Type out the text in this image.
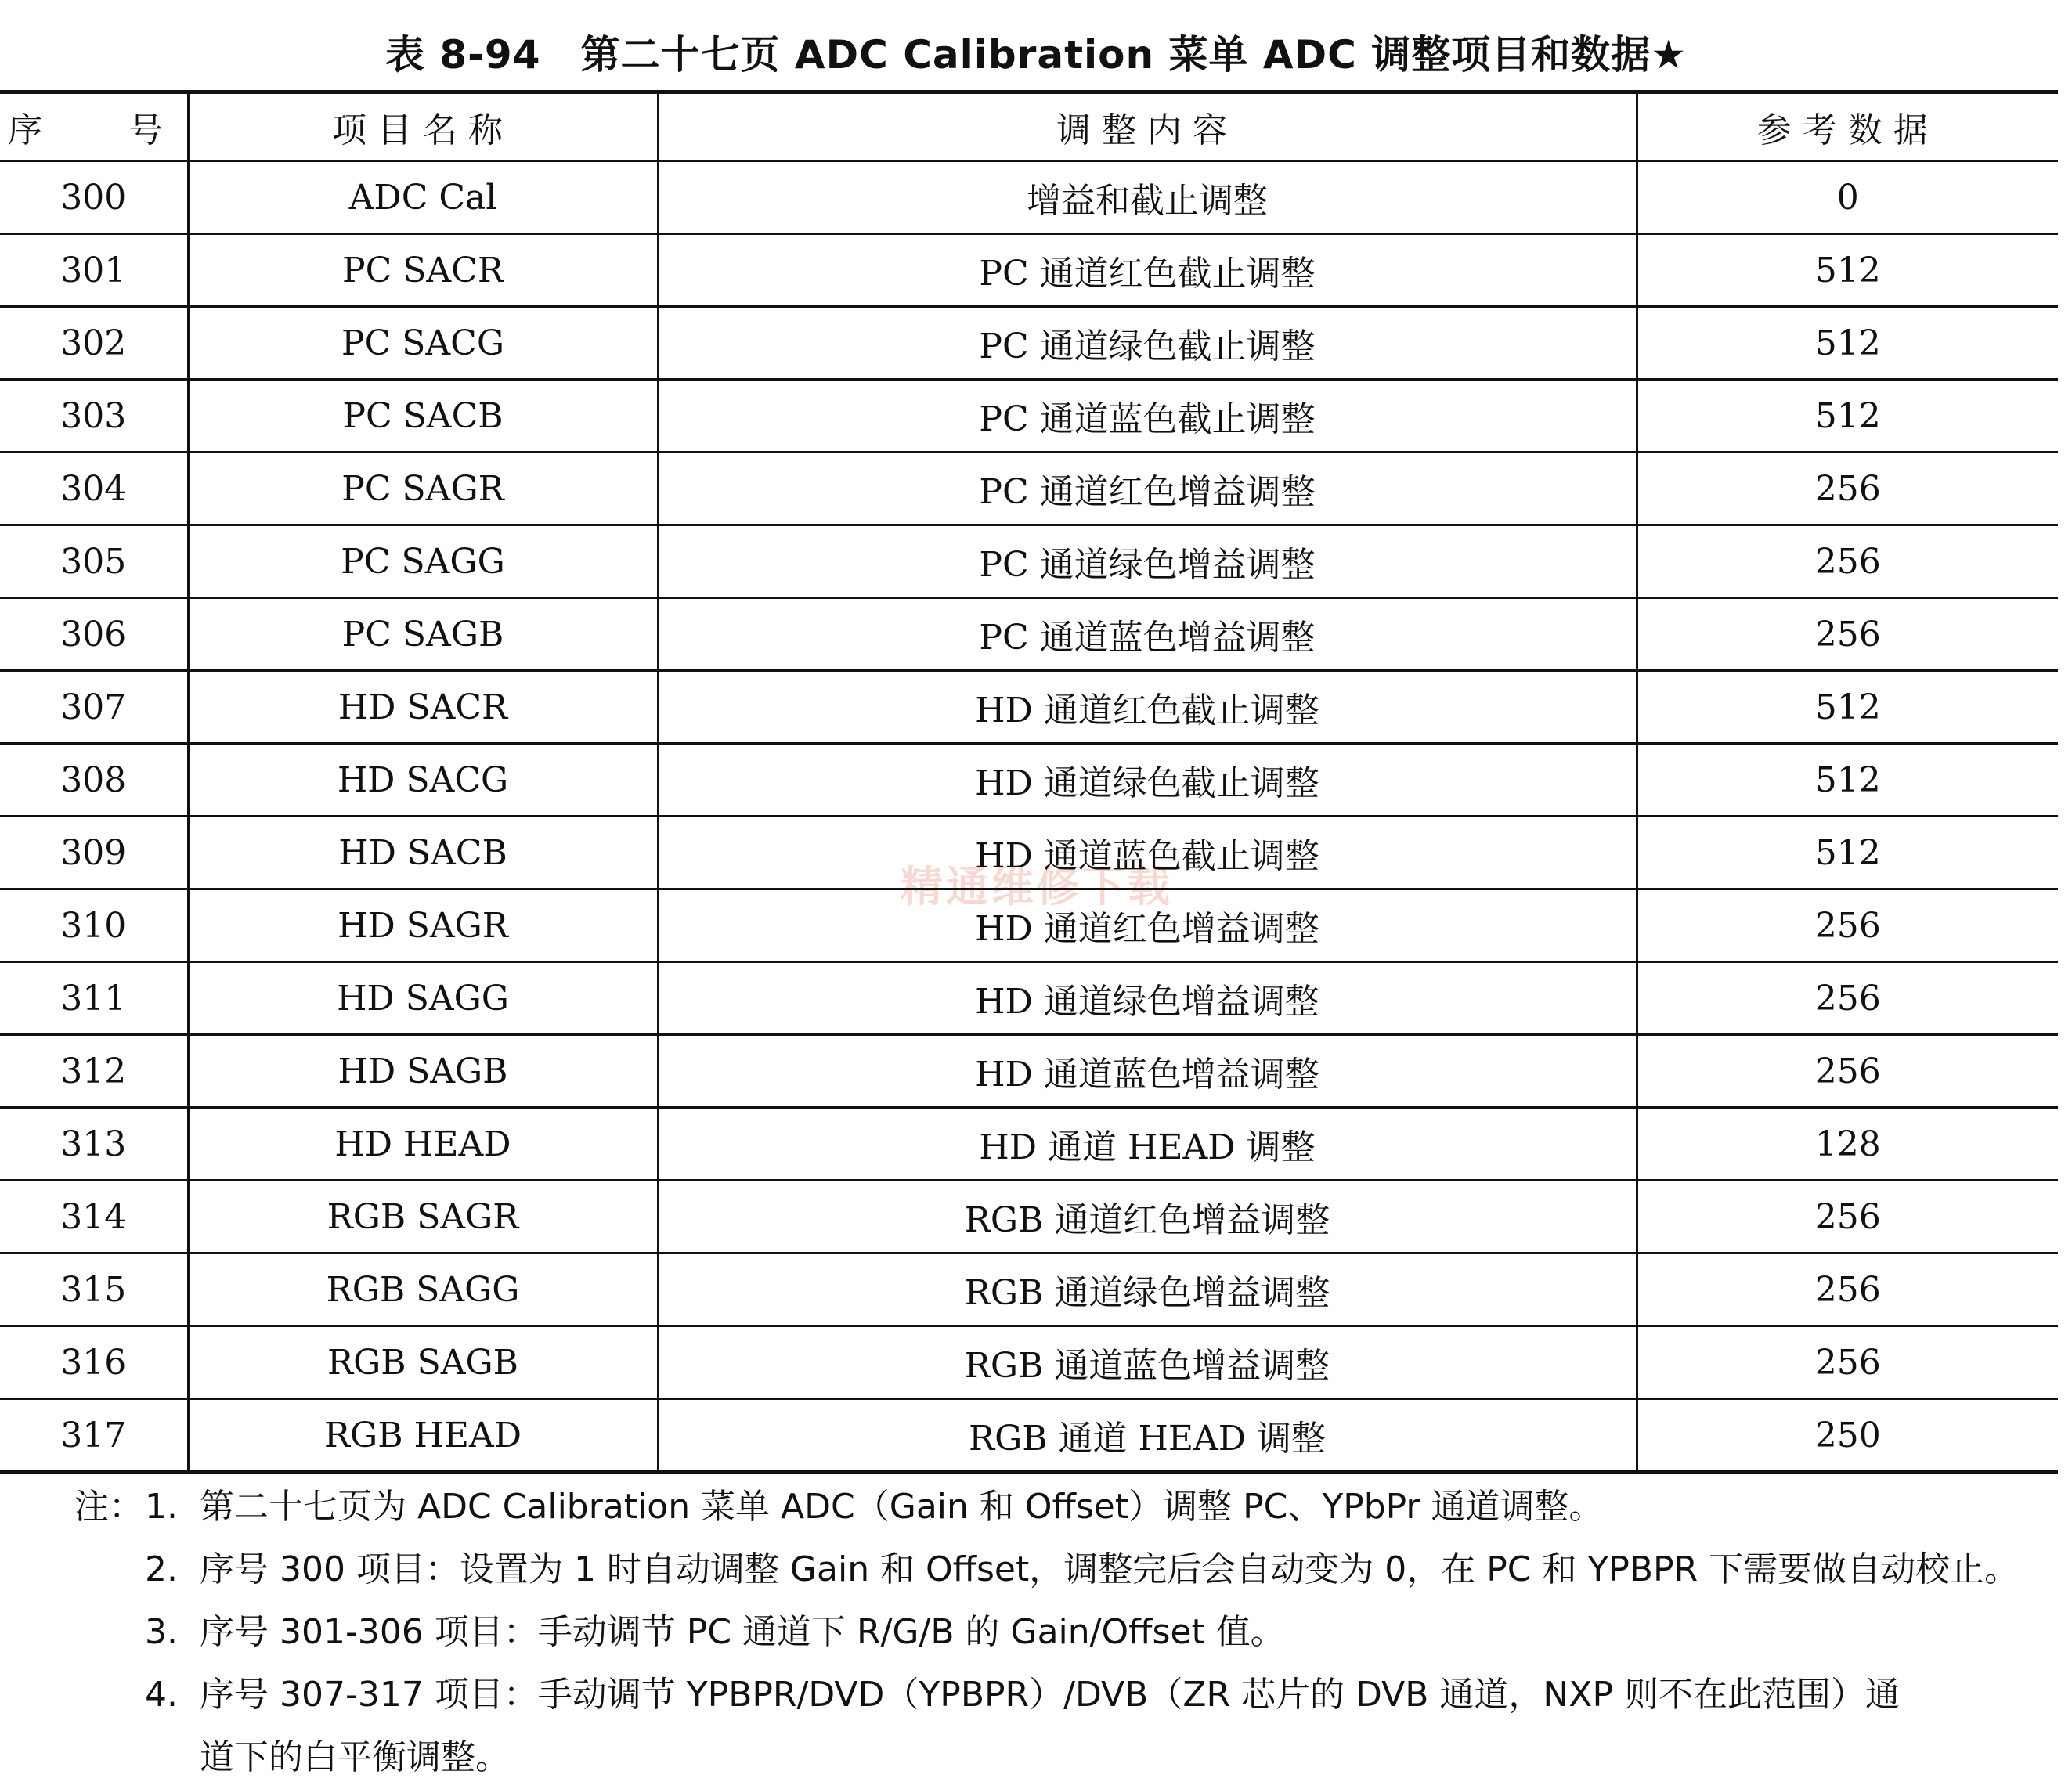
表 8-94　第二十七页 ADC Calibration 菜单 ADC 调整项目和数据★
精通维修下载
序 号	项目名称	调整内容	参考数据
300	ADC Cal	增益和截止调整	0
301	PC SACR	PC 通道红色截止调整	512
302	PC SACG	PC 通道绿色截止调整	512
303	PC SACB	PC 通道蓝色截止调整	512
304	PC SAGR	PC 通道红色增益调整	256
305	PC SAGG	PC 通道绿色增益调整	256
306	PC SAGB	PC 通道蓝色增益调整	256
307	HD SACR	HD 通道红色截止调整	512
308	HD SACG	HD 通道绿色截止调整	512
309	HD SACB	HD 通道蓝色截止调整	512
310	HD SAGR	HD 通道红色增益调整	256
311	HD SAGG	HD 通道绿色增益调整	256
312	HD SAGB	HD 通道蓝色增益调整	256
313	HD HEAD	HD 通道 HEAD 调整	128
314	RGB SAGR	RGB 通道红色增益调整	256
315	RGB SAGG	RGB 通道绿色增益调整	256
316	RGB SAGB	RGB 通道蓝色增益调整	256
317	RGB HEAD	RGB 通道 HEAD 调整	250
注： 1. 第二十七页为 ADC Calibration 菜单 ADC（Gain 和 Offset）调整 PC、YPbPr 通道调整。
2. 序号 300 项目：设置为 1 时自动调整 Gain 和 Offset，调整完后会自动变为 0，在 PC 和 YPBPR 下需要做自动校止。
3. 序号 301-306 项目：手动调节 PC 通道下 R/G/B 的 Gain/Offset 值。
4. 序号 307-317 项目：手动调节 YPBPR/DVD（YPBPR）/DVB（ZR 芯片的 DVB 通道，NXP 则不在此范围）通
道下的白平衡调整。
